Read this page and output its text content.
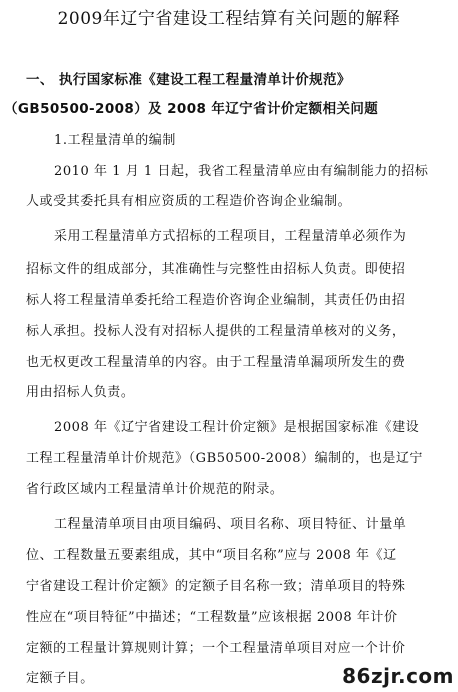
2009年辽宁省建设工程结算有关问题的解释
一、 执行国家标准《建设工程工程量清单计价规范》
（GB50500-2008）及 2008 年辽宁省计价定额相关问题
1.工程量清单的编制
2010 年 1 月 1 日起，我省工程量清单应由有编制能力的招标
人或受其委托具有相应资质的工程造价咨询企业编制。
采用工程量清单方式招标的工程项目，工程量清单必须作为
招标文件的组成部分，其准确性与完整性由招标人负责。即使招
标人将工程量清单委托给工程造价咨询企业编制，其责任仍由招
标人承担。投标人没有对招标人提供的工程量清单核对的义务，
也无权更改工程量清单的内容。由于工程量清单漏项所发生的费
用由招标人负责。
2008 年《辽宁省建设工程计价定额》是根据国家标准《建设
工程工程量清单计价规范》（GB50500-2008）编制的，也是辽宁
省行政区域内工程量清单计价规范的附录。
工程量清单项目由项目编码、项目名称、项目特征、计量单
位、工程数量五要素组成，其中“项目名称”应与 2008 年《辽
宁省建设工程计价定额》的定额子目名称一致；清单项目的特殊
性应在“项目特征”中描述；“工程数量”应该根据 2008 年计价
定额的工程量计算规则计算；一个工程量清单项目对应一个计价
定额子目。	86zjr.com
